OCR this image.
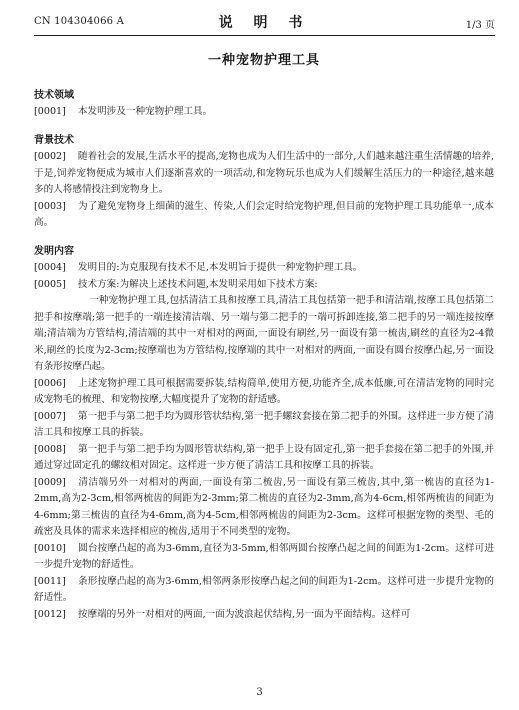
CN 104304066 A	说 明 书	1/3 页
一种宠物护理工具
技术领域
[0001] 本发明涉及一种宠物护理工具。
背景技术
[0002] 随着社会的发展,生活水平的提高,宠物也成为人们生活中的一部分,人们越来越注重生活情趣的培养,于是,饲养宠物便成为城市人们逐渐喜欢的一项活动,和宠物玩乐也成为人们缓解生活压力的一种途径,越来越多的人将感情投注到宠物身上。
[0003] 为了避免宠物身上细菌的滋生、传染,人们会定时给宠物护理,但目前的宠物护理工具功能单一,成本高。
发明内容
[0004] 发明目的:为克服现有技术不足,本发明旨于提供一种宠物护理工具。
[0005] 技术方案:为解决上述技术问题,本发明采用如下技术方案:
一种宠物护理工具,包括清洁工具和按摩工具,清洁工具包括第一把手和清洁端,按摩工具包括第二把手和按摩端;第一把手的一端连接清洁端、另一端与第二把手的一端可拆卸连接,第二把手的另一端连接按摩端;清洁端为方管结构,清洁端的其中一对相对的两面,一面设有刷丝,另一面设有第一梳齿,刷丝的直径为2-4微米,刷丝的长度为2-3cm;按摩端也为方管结构,按摩端的其中一对相对的两面,一面设有圆台按摩凸起,另一面设有条形按摩凸起。
[0006] 上述宠物护理工具可根据需要拆装,结构简单,使用方便,功能齐全,成本低廉,可在清洁宠物的同时完成宠物毛的梳理、和宠物按摩,大幅度提升了宠物的舒适感。
[0007] 第一把手与第二把手均为圆形管状结构,第一把手螺纹套接在第二把手的外围。这样进一步方便了清洁工具和按摩工具的拆装。
[0008] 第一把手与第二把手均为圆形管状结构,第一把手上设有固定孔,第一把手套接在第二把手的外围,并通过穿过固定孔的螺纹相对固定。这样进一步方便了清洁工具和按摩工具的拆装。
[0009] 清洁端另外一对相对的两面,一面设有第二梳齿,另一面设有第三梳齿,其中,第一梳齿的直径为1-2mm,高为2-3cm,相邻两梳齿的间距为2-3mm;第二梳齿的直径为2-3mm,高为4-6cm,相邻两梳齿的间距为4-6mm;第三梳齿的直径为4-6mm,高为4-5cm,相邻两梳齿的间距为2-3cm。这样可根据宠物的类型、毛的疏密及具体的需求来选择相应的梳齿,适用于不同类型的宠物。
[0010] 圆台按摩凸起的高为3-6mm,直径为3-5mm,相邻两圆台按摩凸起之间的间距为1-2cm。这样可进一步提升宠物的舒适性。
[0011] 条形按摩凸起的高为3-6mm,相邻两条形按摩凸起之间的间距为1-2cm。这样可进一步提升宠物的舒适性。
[0012] 按摩端的另外一对相对的两面,一面为波浪起伏结构,另一面为平面结构。这样可
3
